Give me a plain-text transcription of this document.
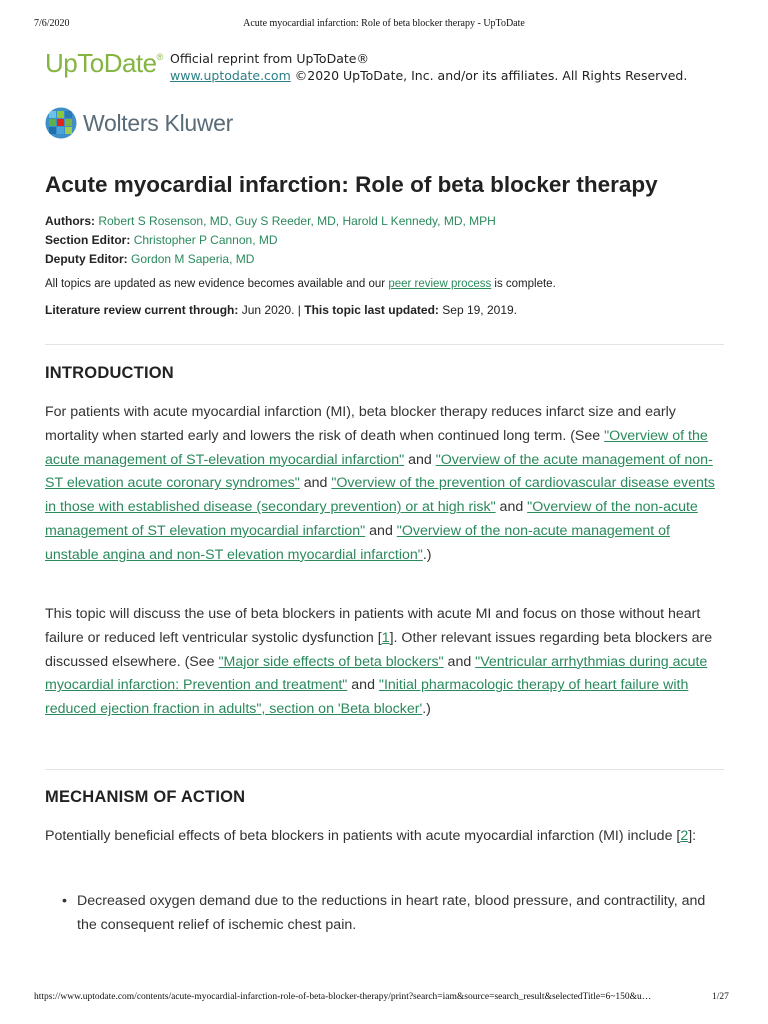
7/6/2020	Acute myocardial infarction: Role of beta blocker therapy - UpToDate
UpToDate® Official reprint from UpToDate®
www.uptodate.com ©2020 UpToDate, Inc. and/or its affiliates. All Rights Reserved.
Wolters Kluwer
Acute myocardial infarction: Role of beta blocker therapy
Authors: Robert S Rosenson, MD, Guy S Reeder, MD, Harold L Kennedy, MD, MPH
Section Editor: Christopher P Cannon, MD
Deputy Editor: Gordon M Saperia, MD
All topics are updated as new evidence becomes available and our peer review process is complete.
Literature review current through: Jun 2020. | This topic last updated: Sep 19, 2019.
INTRODUCTION

For patients with acute myocardial infarction (MI), beta blocker therapy reduces infarct size and early mortality when started early and lowers the risk of death when continued long term. (See "Overview of the acute management of ST-elevation myocardial infarction" and "Overview of the acute management of non-ST elevation acute coronary syndromes" and "Overview of the prevention of cardiovascular disease events in those with established disease (secondary prevention) or at high risk" and "Overview of the non-acute management of ST elevation myocardial infarction" and "Overview of the non-acute management of unstable angina and non-ST elevation myocardial infarction".)

This topic will discuss the use of beta blockers in patients with acute MI and focus on those without heart failure or reduced left ventricular systolic dysfunction [1]. Other relevant issues regarding beta blockers are discussed elsewhere. (See "Major side effects of beta blockers" and "Ventricular arrhythmias during acute myocardial infarction: Prevention and treatment" and "Initial pharmacologic therapy of heart failure with reduced ejection fraction in adults", section on 'Beta blocker'.)

MECHANISM OF ACTION

Potentially beneficial effects of beta blockers in patients with acute myocardial infarction (MI) include [2]:

• Decreased oxygen demand due to the reductions in heart rate, blood pressure, and contractility, and the consequent relief of ischemic chest pain.
https://www.uptodate.com/contents/acute-myocardial-infarction-role-of-beta-blocker-therapy/print?search=iam&source=search_result&selectedTitle=6~150&u…	1/27
